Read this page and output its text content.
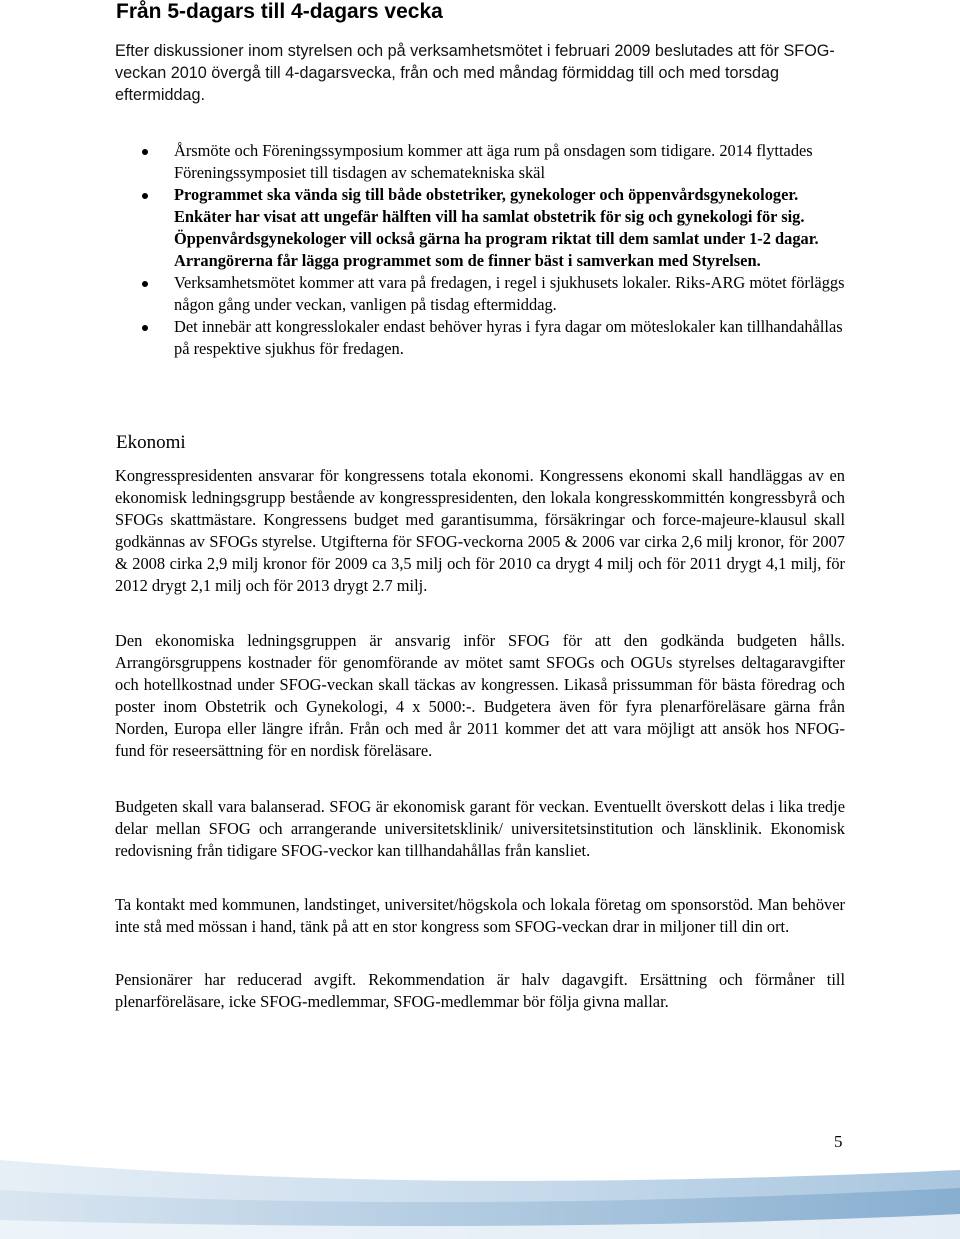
Från 5-dagars till 4-dagars vecka
Efter diskussioner inom styrelsen och på verksamhetsmötet i februari 2009 beslutades att för SFOG-veckan 2010 övergå till 4-dagarsvecka, från och med måndag förmiddag till och med torsdag eftermiddag.
Årsmöte och Föreningssymposium kommer att äga rum på onsdagen som tidigare. 2014 flyttades Föreningssymposiet till tisdagen av schematekniska skäl
Programmet ska vända sig till både obstetriker, gynekologer och öppenvårdsgynekologer. Enkäter har visat att ungefär hälften vill ha samlat obstetrik för sig och gynekologi för sig. Öppenvårdsgynekologer vill också gärna ha program riktat till dem samlat under 1-2 dagar. Arrangörerna får lägga programmet som de finner bäst i samverkan med Styrelsen.
Verksamhetsmötet kommer att vara på fredagen, i regel i sjukhusets lokaler. Riks-ARG mötet förläggs någon gång under veckan, vanligen på tisdag eftermiddag.
Det innebär att kongresslokaler endast behöver hyras i fyra dagar om möteslokaler kan tillhandahållas på respektive sjukhus för fredagen.
Ekonomi

Kongresspresidenten ansvarar för kongressens totala ekonomi. Kongressens ekonomi skall handläggas av en ekonomisk ledningsgrupp bestående av kongresspresidenten, den lokala kongresskommittén kongressbyrå och SFOGs skattmästare. Kongressens budget med garantisumma, försäkringar och force-majeure-klausul skall godkännas av SFOGs styrelse. Utgifterna för SFOG-veckorna 2005 & 2006 var cirka 2,6 milj kronor, för 2007 & 2008 cirka 2,9 milj kronor för 2009 ca 3,5 milj och för 2010 ca drygt 4 milj och för 2011 drygt 4,1 milj, för 2012 drygt 2,1 milj och för 2013 drygt 2.7 milj.

Den ekonomiska ledningsgruppen är ansvarig inför SFOG för att den godkända budgeten hålls. Arrangörsgruppens kostnader för genomförande av mötet samt SFOGs och OGUs styrelses deltagaravgifter och hotellkostnad under SFOG-veckan skall täckas av kongressen. Likaså prissumman för bästa föredrag och poster inom Obstetrik och Gynekologi, 4 x 5000:-. Budgetera även för fyra plenarföreläsare gärna från Norden, Europa eller längre ifrån. Från och med år 2011 kommer det att vara möjligt att ansök hos NFOG-fund för reseersättning för en nordisk föreläsare.

Budgeten skall vara balanserad. SFOG är ekonomisk garant för veckan. Eventuellt överskott delas i lika tredje delar mellan SFOG och arrangerande universitetsklinik/ universitetsinstitution och länsklinik. Ekonomisk redovisning från tidigare SFOG-veckor kan tillhandahållas från kansliet.

Ta kontakt med kommunen, landstinget, universitet/högskola och lokala företag om sponsorstöd. Man behöver inte stå med mössan i hand, tänk på att en stor kongress som SFOG-veckan drar in miljoner till din ort.

Pensionärer har reducerad avgift. Rekommendation är halv dagavgift. Ersättning och förmåner till plenarföreläsare, icke SFOG-medlemmar, SFOG-medlemmar bör följa givna mallar.

5
